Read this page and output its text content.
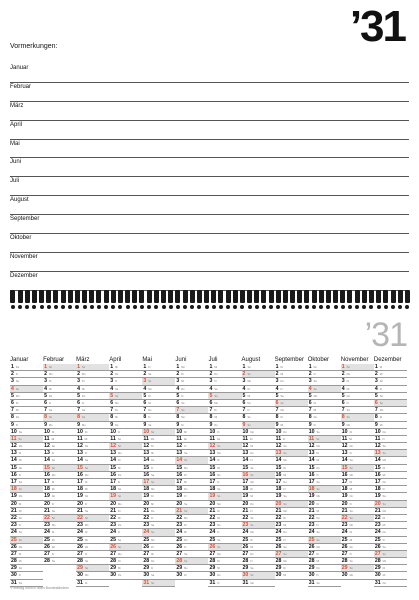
’31
Vormerkungen:
Januar
Februar
März
April
Mai
Juni
Juli
August
September
Oktober
November
Dezember
’31
Januar
1 Do
2 Fr
3 Sa
4 So
5 Mo
6 Di
7 Mi
8 Do
9 Fr
10 Sa
11 So
12 Mo
13 Di
14 Mi
15 Do
16 Fr
17 Sa
18 So
19 Mo
20 Di
21 Mi
22 Do
23 Fr
24 Sa
25 So
26 Mo
27 Di
28 Mi
29 Do
30 Fr
31 Sa
Februar
1 So
2 Mo
3 Di
4 Mi
5 Do
6 Fr
7 Sa
8 So
9 Mo
10 Di
11 Mi
12 Do
13 Fr
14 Sa
15 So
16 Mo
17 Di
18 Mi
19 Do
20 Fr
21 Sa
22 So
23 Mo
24 Di
25 Mi
26 Do
27 Fr
28 Sa
März
1 So
2 Mo
3 Di
4 Mi
5 Do
6 Fr
7 Sa
8 So
9 Mo
10 Di
11 Mi
12 Do
13 Fr
14 Sa
15 So
16 Mo
17 Di
18 Mi
19 Do
20 Fr
21 Sa
22 So
23 Mo
24 Di
25 Mi
26 Do
27 Fr
28 Sa
29 So
30 Mo
31 Di
April
1 Mi
2 Do
3 Fr
4 Sa
5 So
6 Mo
7 Di
8 Mi
9 Do
10 Fr
11 Sa
12 So
13 Mo
14 Di
15 Mi
16 Do
17 Fr
18 Sa
19 So
20 Mo
21 Di
22 Mi
23 Do
24 Fr
25 Sa
26 So
27 Mo
28 Di
29 Mi
30 Do
Mai
1 Fr
2 Sa
3 So
4 Mo
5 Di
6 Mi
7 Do
8 Fr
9 Sa
10 So
11 Mo
12 Di
13 Mi
14 Do
15 Fr
16 Sa
17 So
18 Mo
19 Di
20 Mi
21 Do
22 Fr
23 Sa
24 So
25 Mo
26 Di
27 Mi
28 Do
29 Fr
30 Sa
31 So
Juni
1 Mo
2 Di
3 Mi
4 Do
5 Fr
6 Sa
7 So
8 Mo
9 Di
10 Mi
11 Do
12 Fr
13 Sa
14 So
15 Mo
16 Di
17 Mi
18 Do
19 Fr
20 Sa
21 So
22 Mo
23 Di
24 Mi
25 Do
26 Fr
27 Sa
28 So
29 Mo
30 Di
Juli
1 Mi
2 Do
3 Fr
4 Sa
5 So
6 Mo
7 Di
8 Mi
9 Do
10 Fr
11 Sa
12 So
13 Mo
14 Di
15 Mi
16 Do
17 Fr
18 Sa
19 So
20 Mo
21 Di
22 Mi
23 Do
24 Fr
25 Sa
26 So
27 Mo
28 Di
29 Mi
30 Do
31 Fr
August
1 Sa
2 So
3 Mo
4 Di
5 Mi
6 Do
7 Fr
8 Sa
9 So
10 Mo
11 Di
12 Mi
13 Do
14 Fr
15 Sa
16 So
17 Mo
18 Di
19 Mi
20 Do
21 Fr
22 Sa
23 So
24 Mo
25 Di
26 Mi
27 Do
28 Fr
29 Sa
30 So
31 Mo
September
1 Di
2 Mi
3 Do
4 Fr
5 Sa
6 So
7 Mo
8 Di
9 Mi
10 Do
11 Fr
12 Sa
13 So
14 Mo
15 Di
16 Mi
17 Do
18 Fr
19 Sa
20 So
21 Mo
22 Di
23 Mi
24 Do
25 Fr
26 Sa
27 So
28 Mo
29 Di
30 Mi
Oktober
1 Do
2 Fr
3 Sa
4 So
5 Mo
6 Di
7 Mi
8 Do
9 Fr
10 Sa
11 So
12 Mo
13 Di
14 Mi
15 Do
16 Fr
17 Sa
18 So
19 Mo
20 Di
21 Mi
22 Do
23 Fr
24 Sa
25 So
26 Mo
27 Di
28 Mi
29 Do
30 Fr
31 Sa
November
1 So
2 Mo
3 Di
4 Mi
5 Do
6 Fr
7 Sa
8 So
9 Mo
10 Di
11 Mi
12 Do
13 Fr
14 Sa
15 So
16 Mo
17 Di
18 Mi
19 Do
20 Fr
21 Sa
22 So
23 Mo
24 Di
25 Mi
26 Do
27 Fr
28 Sa
29 So
30 Mo
Dezember
1 Di
2 Mi
3 Do
4 Fr
5 Sa
6 So
7 Mo
8 Di
9 Mi
10 Do
11 Fr
12 Sa
13 So
14 Mo
15 Di
16 Mi
17 Do
18 Fr
19 Sa
20 So
21 Mo
22 Di
23 Mi
24 Do
25 Fr
26 Sa
27 So
28 Mo
29 Di
30 Mi
31 Do
*Feiertag nicht in allen Bundesländern
